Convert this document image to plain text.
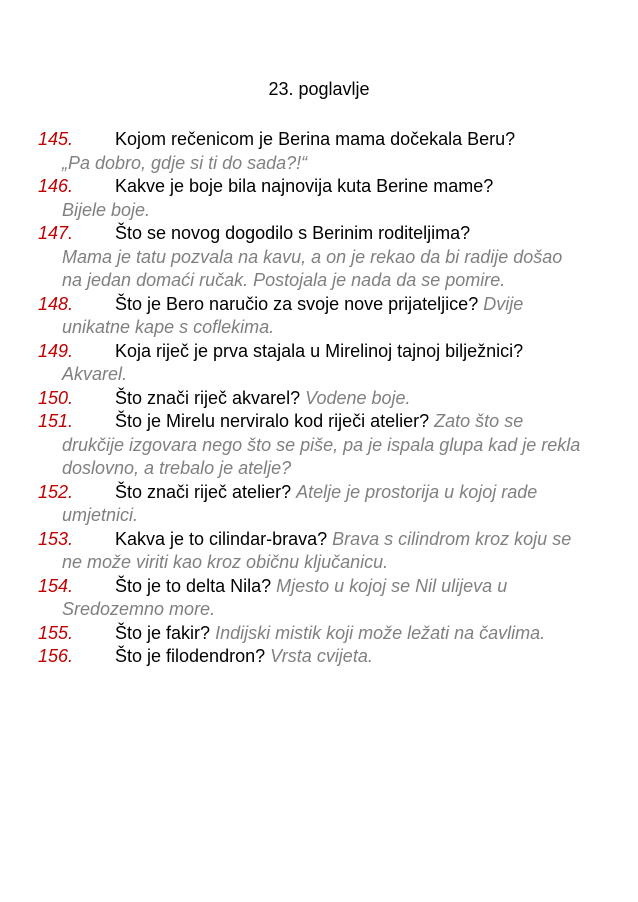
23. poglavlje
145. Kojom rečenicom je Berina mama dočekala Beru?
„Pa dobro, gdje si ti do sada?!“
146. Kakve je boje bila najnovija kuta Berine mame?
Bijele boje.
147. Što se novog dogodilo s Berinim roditeljima?
Mama je tatu pozvala na kavu, a on je rekao da bi radije došao na jedan domaći ručak. Postojala je nada da se pomire.
148. Što je Bero naručio za svoje nove prijateljice? Dvije unikatne kape s coflekima.
149. Koja riječ je prva stajala u Mirelinoj tajnoj bilježnici? Akvarel.
150. Što znači riječ akvarel? Vodene boje.
151. Što je Mirelu nerviralo kod riječi atelier? Zato što se drukčije izgovara nego što se piše, pa je ispala glupa kad je rekla doslovno, a trebalo je atelje?
152. Što znači riječ atelier? Atelje je prostorija u kojoj rade umjetnici.
153. Kakva je to cilindar-brava? Brava s cilindrom kroz koju se ne može viriti kao kroz običnu ključanicu.
154. Što je to delta Nila? Mjesto u kojoj se Nil ulijeva u Sredozemno more.
155. Što je fakir? Indijski mistik koji može ležati na čavlima.
156. Što je filodendron? Vrsta cvijeta.
